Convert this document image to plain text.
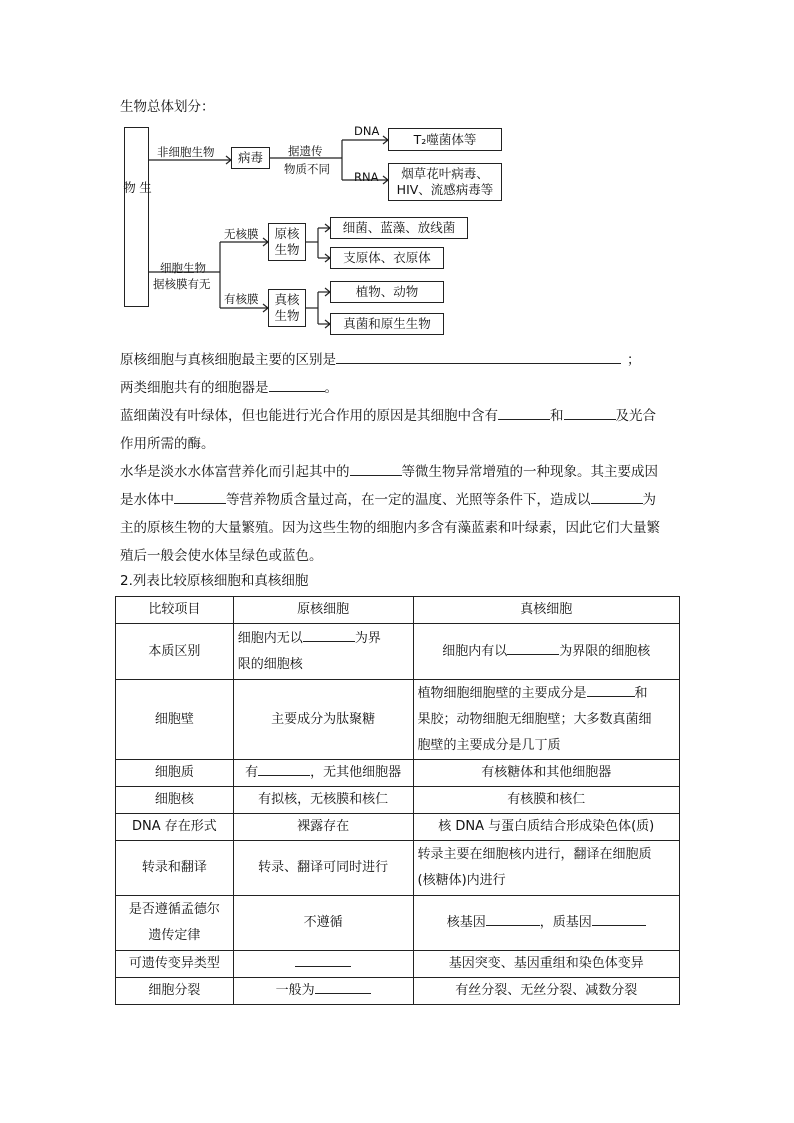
生物总体划分：
生物
病毒
T₂噬菌体等
烟草花叶病毒、
HIV、流感病毒等
原核生物
真核生物
细菌、蓝藻、放线菌
支原体、衣原体
植物、动物
真菌和原生生物
非细胞生物	据遗传
物质不同
DNA
RNA
细胞生物
据核膜有无
无核膜
有核膜
原核细胞与真核细胞最主要的区别是	；
两类细胞共有的细胞器是	。
蓝细菌没有叶绿体，但也能进行光合作用的原因是其细胞中含有	和	及光合
作用所需的酶。
水华是淡水水体富营养化而引起其中的	等微生物异常增殖的一种现象。其主要成因
是水体中	等营养物质含量过高，在一定的温度、光照等条件下，造成以	为
主的原核生物的大量繁殖。因为这些生物的细胞内多含有藻蓝素和叶绿素，因此它们大量繁
殖后一般会使水体呈绿色或蓝色。
2.列表比较原核细胞和真核细胞
比较项目	原核细胞	真核细胞
本质区别	细胞内无以 为界
限的细胞核	细胞内有以 为界限的细胞核
细胞壁	主要成分为肽聚糖	植物细胞细胞壁的主要成分是 和
果胶；动物细胞无细胞壁；大多数真菌细
胞壁的主要成分是几丁质
细胞质	有 ，无其他细胞器	有核糖体和其他细胞器
细胞核	有拟核，无核膜和核仁	有核膜和核仁
DNA 存在形式	裸露存在	核 DNA 与蛋白质结合形成染色体(质)
转录和翻译	转录、翻译可同时进行	转录主要在细胞核内进行，翻译在细胞质
(核糖体)内进行
是否遵循孟德尔
遗传定律	不遵循	核基因 ，质基因
可遗传变异类型		基因突变、基因重组和染色体变异
细胞分裂	一般为	有丝分裂、无丝分裂、减数分裂
